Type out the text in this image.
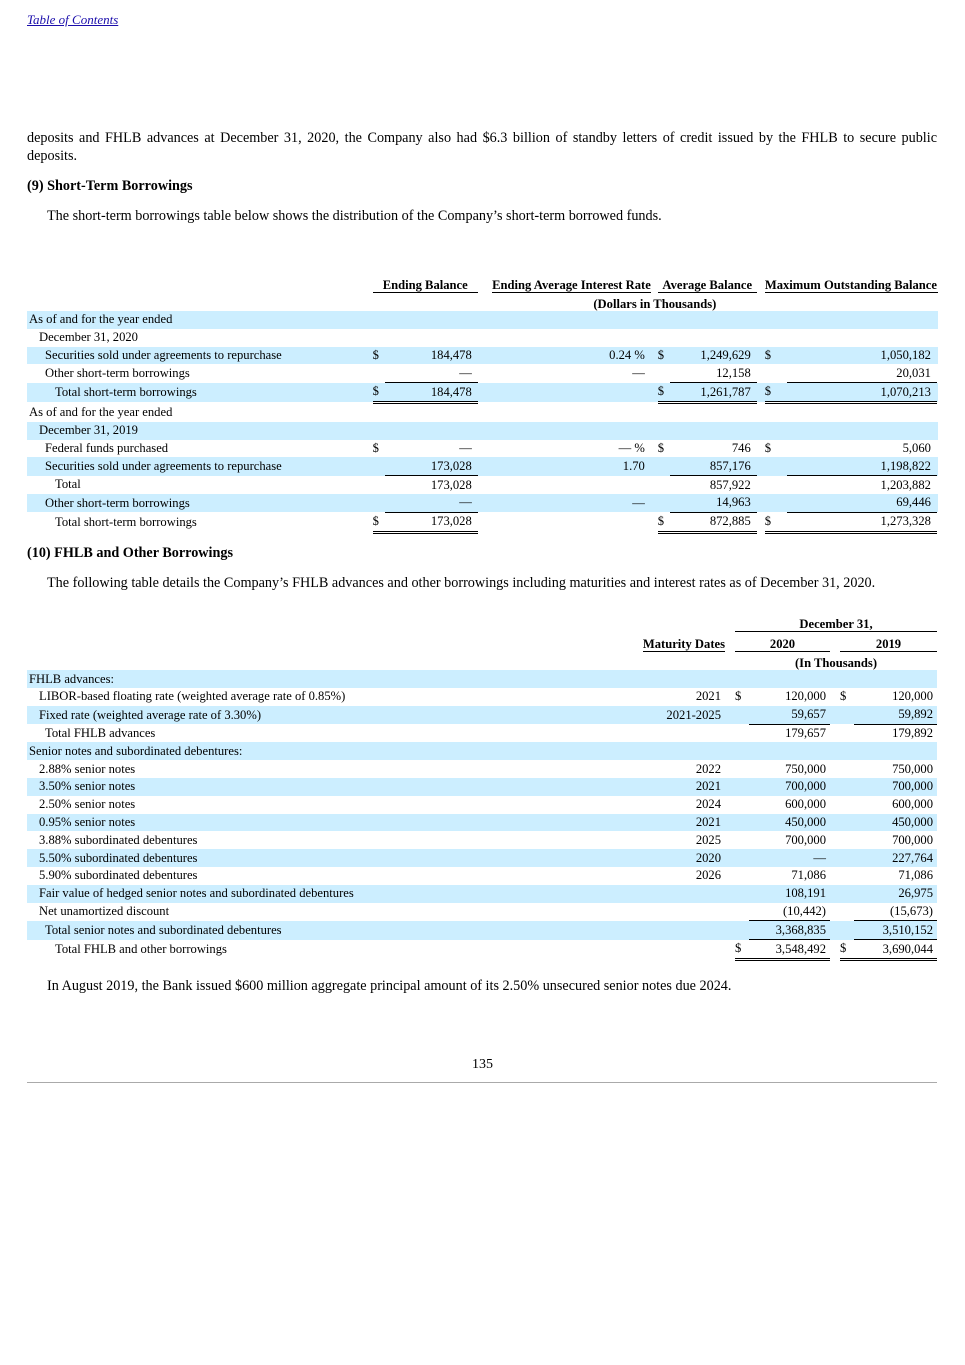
Table of Contents
deposits and FHLB advances at December 31, 2020, the Company also had $6.3 billion of standby letters of credit issued by the FHLB to secure public deposits.
(9) Short-Term Borrowings
The short-term borrowings table below shows the distribution of the Company’s short-term borrowed funds.
	Ending Balance			Ending Average Interest Rate		Average Balance			Maximum Outstanding Balance		
	(Dollars in Thousands)										
As of and for the year ended											
December 31, 2020											
Securities sold under agreements to repurchase	$	184,478		0.24 %		$	1,249,629		$	1,050,182	
Other short-term borrowings		—		—			12,158			20,031	
Total short-term borrowings	$	184,478				$	1,261,787		$	1,070,213	
As of and for the year ended											
December 31, 2019											
Federal funds purchased	$	—		— %		$	746		$	5,060	
Securities sold under agreements to repurchase		173,028		1.70			857,176			1,198,822	
Total		173,028					857,922			1,203,882	
Other short-term borrowings		—		—			14,963			69,446	
Total short-term borrowings	$	173,028				$	872,885		$	1,273,328	
(10) FHLB and Other Borrowings
The following table details the Company’s FHLB advances and other borrowings including maturities and interest rates as of December 31, 2020.
				December 31,				
	Maturity Dates			2020			2019	
				(In Thousands)				
FHLB advances:								
LIBOR-based floating rate (weighted average rate of 0.85%)		2021		$	120,000		$	120,000
Fixed rate (weighted average rate of 3.30%)		2021-2025			59,657			59,892
Total FHLB advances					179,657			179,892
Senior notes and subordinated debentures:								
2.88% senior notes		2022			750,000			750,000
3.50% senior notes		2021			700,000			700,000
2.50% senior notes		2024			600,000			600,000
0.95% senior notes		2021			450,000			450,000
3.88% subordinated debentures		2025			700,000			700,000
5.50% subordinated debentures		2020			—			227,764
5.90% subordinated debentures		2026			71,086			71,086
Fair value of hedged senior notes and subordinated debentures					108,191			26,975
Net unamortized discount					(10,442)			(15,673)
Total senior notes and subordinated debentures					3,368,835			3,510,152
Total FHLB and other borrowings				$	3,548,492		$	3,690,044
In August 2019, the Bank issued $600 million aggregate principal amount of its 2.50% unsecured senior notes due 2024.
135
